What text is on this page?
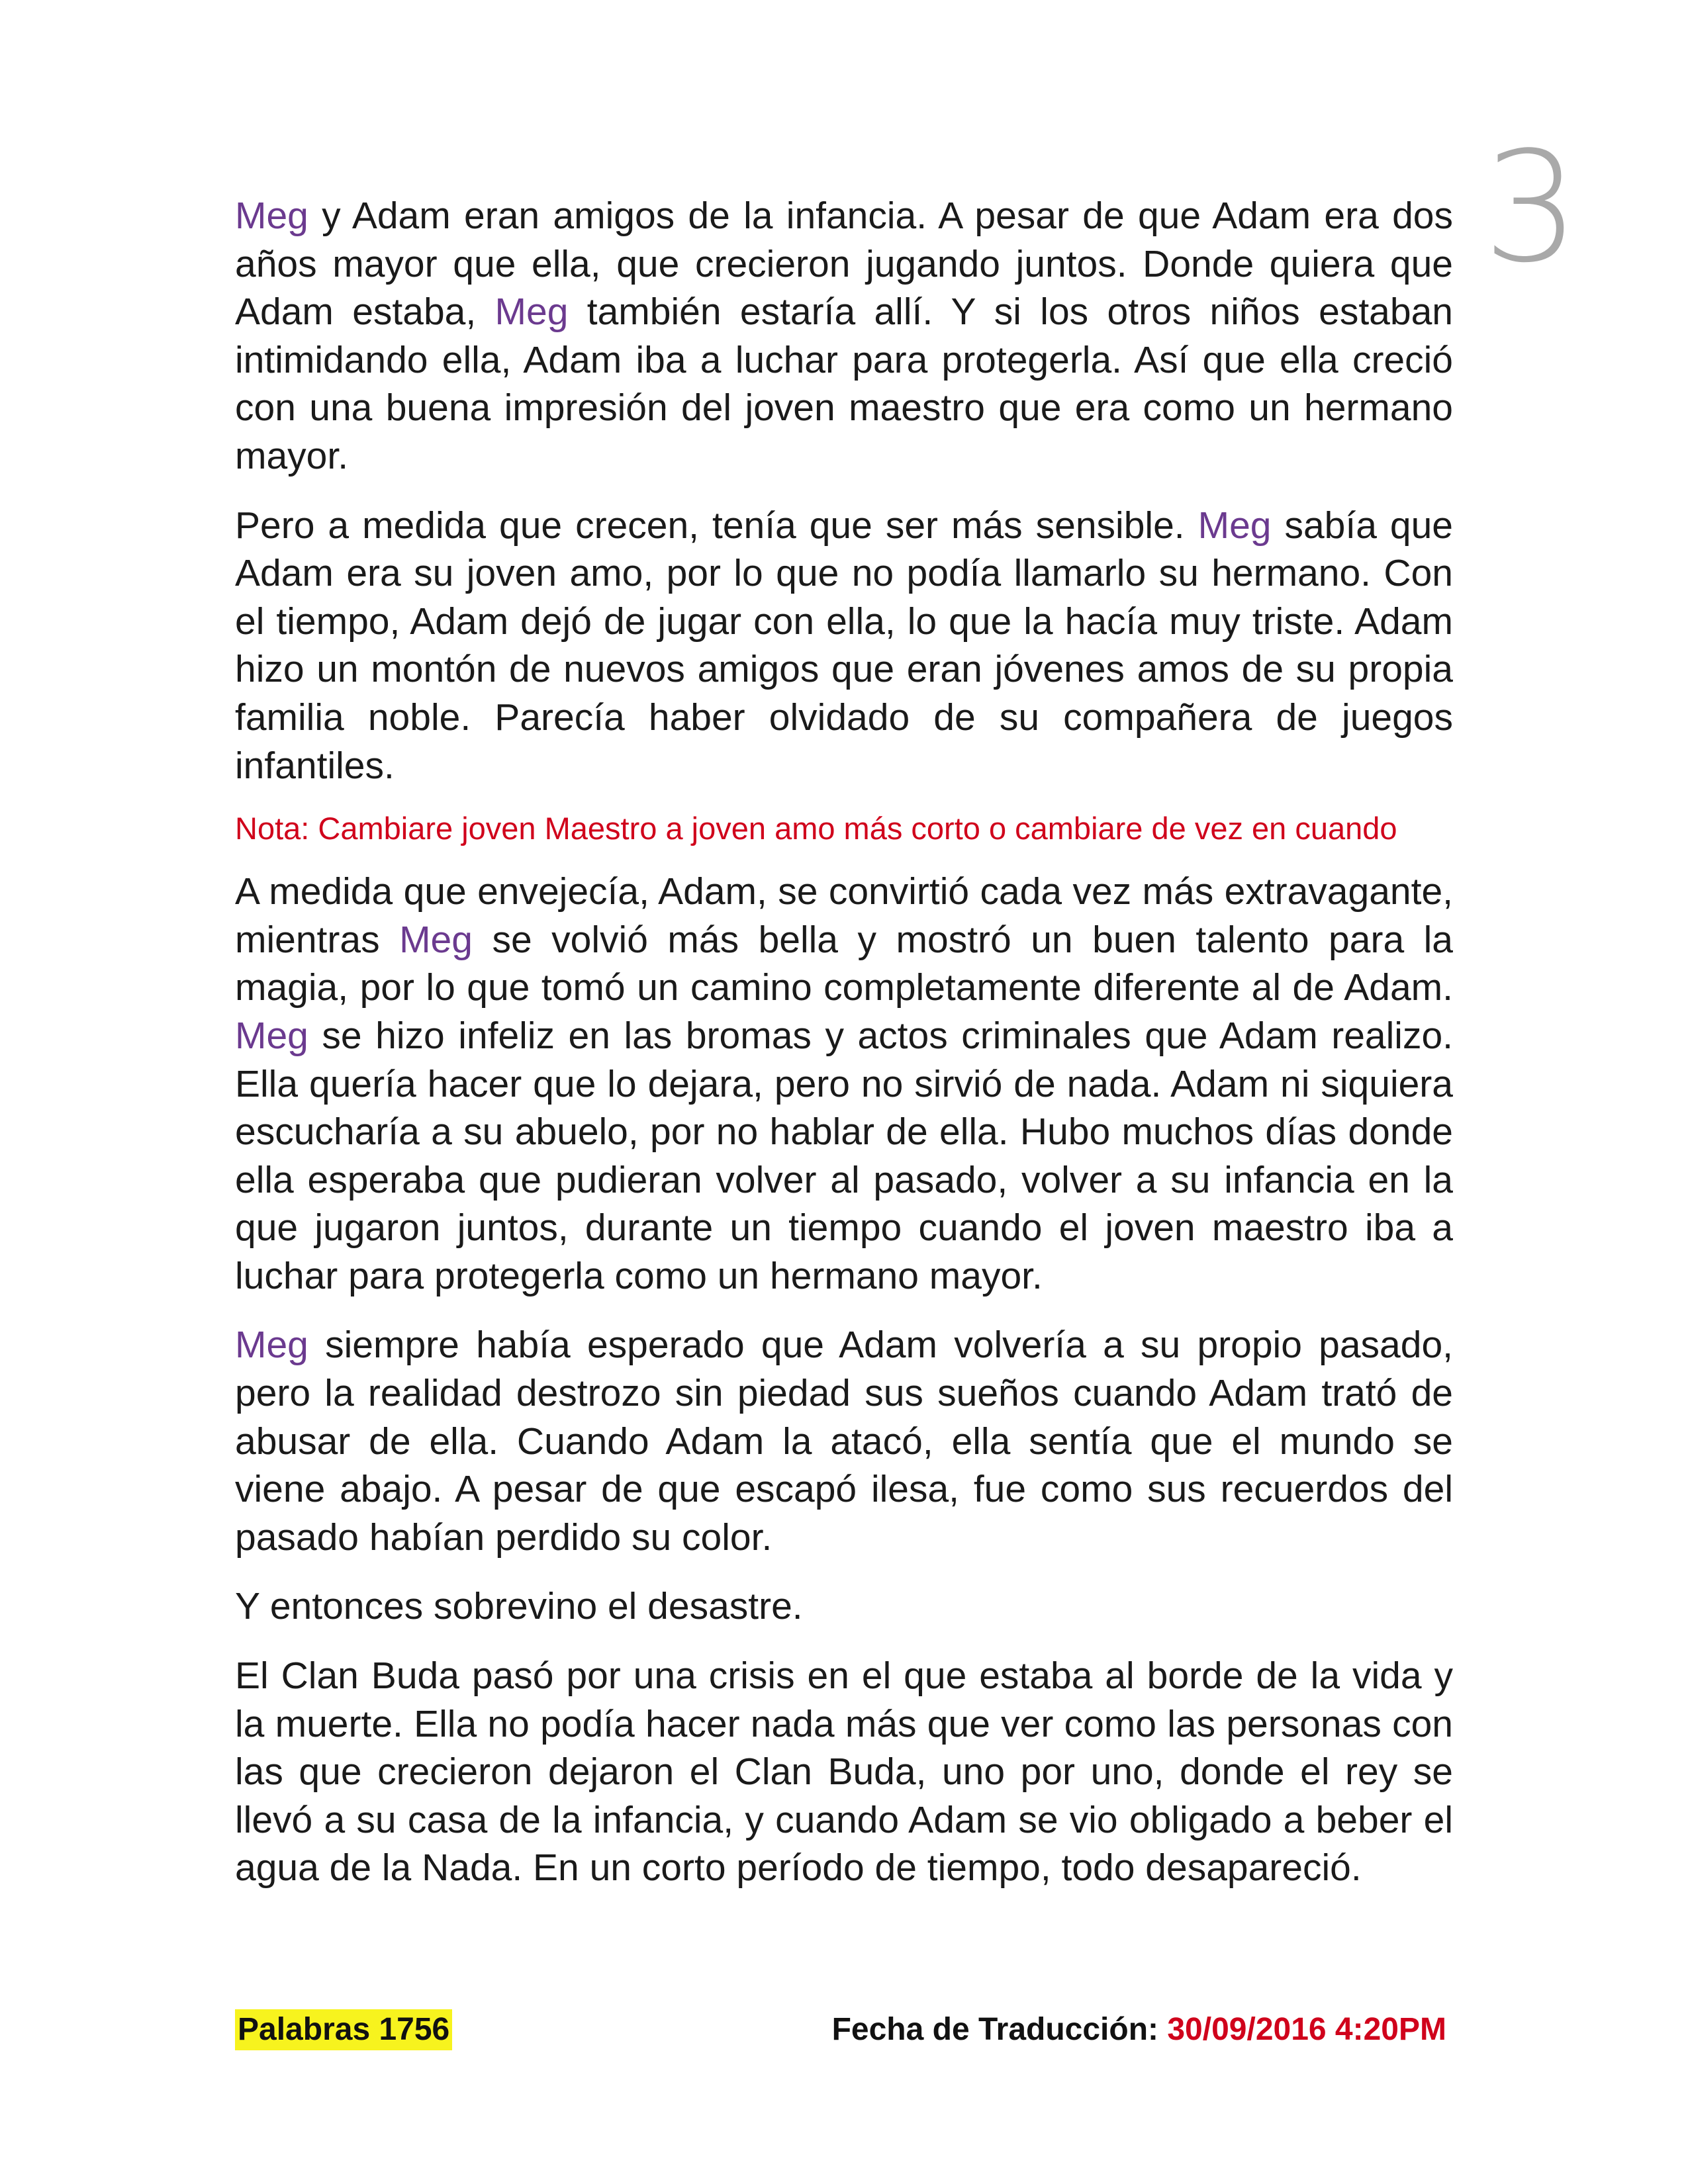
3

Meg y Adam eran amigos de la infancia. A pesar de que Adam era dos años mayor que ella, que crecieron jugando juntos. Donde quiera que Adam estaba, Meg también estaría allí. Y si los otros niños estaban intimidando ella, Adam iba a luchar para protegerla. Así que ella creció con una buena impresión del joven maestro que era como un hermano mayor.

Pero a medida que crecen, tenía que ser más sensible. Meg sabía que Adam era su joven amo, por lo que no podía llamarlo su hermano. Con el tiempo, Adam dejó de jugar con ella, lo que la hacía muy triste. Adam hizo un montón de nuevos amigos que eran jóvenes amos de su propia familia noble. Parecía haber olvidado de su compañera de juegos infantiles.

Nota: Cambiare joven Maestro a joven amo más corto o cambiare de vez en cuando

A medida que envejecía, Adam, se convirtió cada vez más extravagante, mientras Meg se volvió más bella y mostró un buen talento para la magia, por lo que tomó un camino completamente diferente al de Adam. Meg se hizo infeliz en las bromas y actos criminales que Adam realizo. Ella quería hacer que lo dejara, pero no sirvió de nada. Adam ni siquiera escucharía a su abuelo, por no hablar de ella. Hubo muchos días donde ella esperaba que pudieran volver al pasado, volver a su infancia en la que jugaron juntos, durante un tiempo cuando el joven maestro iba a luchar para protegerla como un hermano mayor.

Meg siempre había esperado que Adam volvería a su propio pasado, pero la realidad destrozo sin piedad sus sueños cuando Adam trató de abusar de ella. Cuando Adam la atacó, ella sentía que el mundo se viene abajo. A pesar de que escapó ilesa, fue como sus recuerdos del pasado habían perdido su color.

Y entonces sobrevino el desastre.

El Clan Buda pasó por una crisis en el que estaba al borde de la vida y la muerte. Ella no podía hacer nada más que ver como las personas con las que crecieron dejaron el Clan Buda, uno por uno, donde el rey se llevó a su casa de la infancia, y cuando Adam se vio obligado a beber el agua de la Nada. En un corto período de tiempo, todo desapareció.

Palabras 1756	Fecha de Traducción: 30/09/2016 4:20PM
